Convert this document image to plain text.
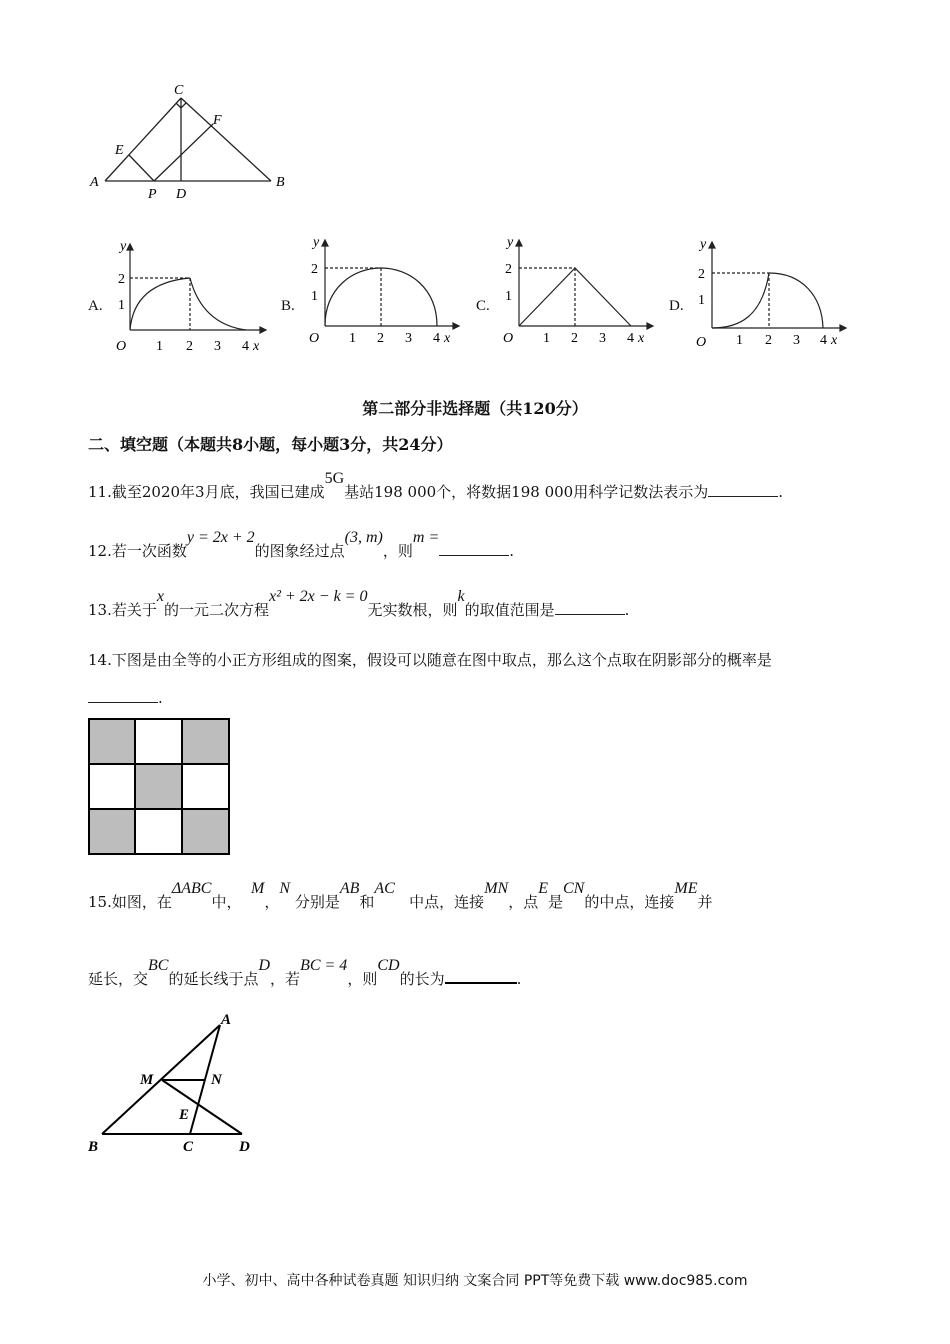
C
E
F
A
P D
B
A.	B.	C.	D.
y
2
1
O 1 2 3 4 x
y
2
1
O 1 2 3 4 x
y
2
1
O 1 2 3 4 x
y
2
1
O 1 2 3 4 x
第二部分非选择题（共120分）
二、填空题（本题共8小题，每小题3分，共24分）
11.截至2020年3月底，我国已建成5G基站198 000个，将数据198 000用科学记数法表示为	.
12.若一次函数y = 2x + 2的图象经过点(3, m)，则m =.
13.若关于x的一元二次方程x² + 2x − k = 0无实数根，则k的取值范围是	.
14.下图是由全等的小正方形组成的图案，假设可以随意在图中取点，那么这个点取在阴影部分的概率是
.
15.如图，在ΔABC中，  M，N 分别是AB和AC   中点，连接MN，点E是CN的中点，连接ME并
延长，交BC的延长线于点D，若BC = 4，则CD的长为	.
A
M	N
E
B	C	D
小学、初中、高中各种试卷真题 知识归纳 文案合同 PPT等免费下载 www.doc985.com
